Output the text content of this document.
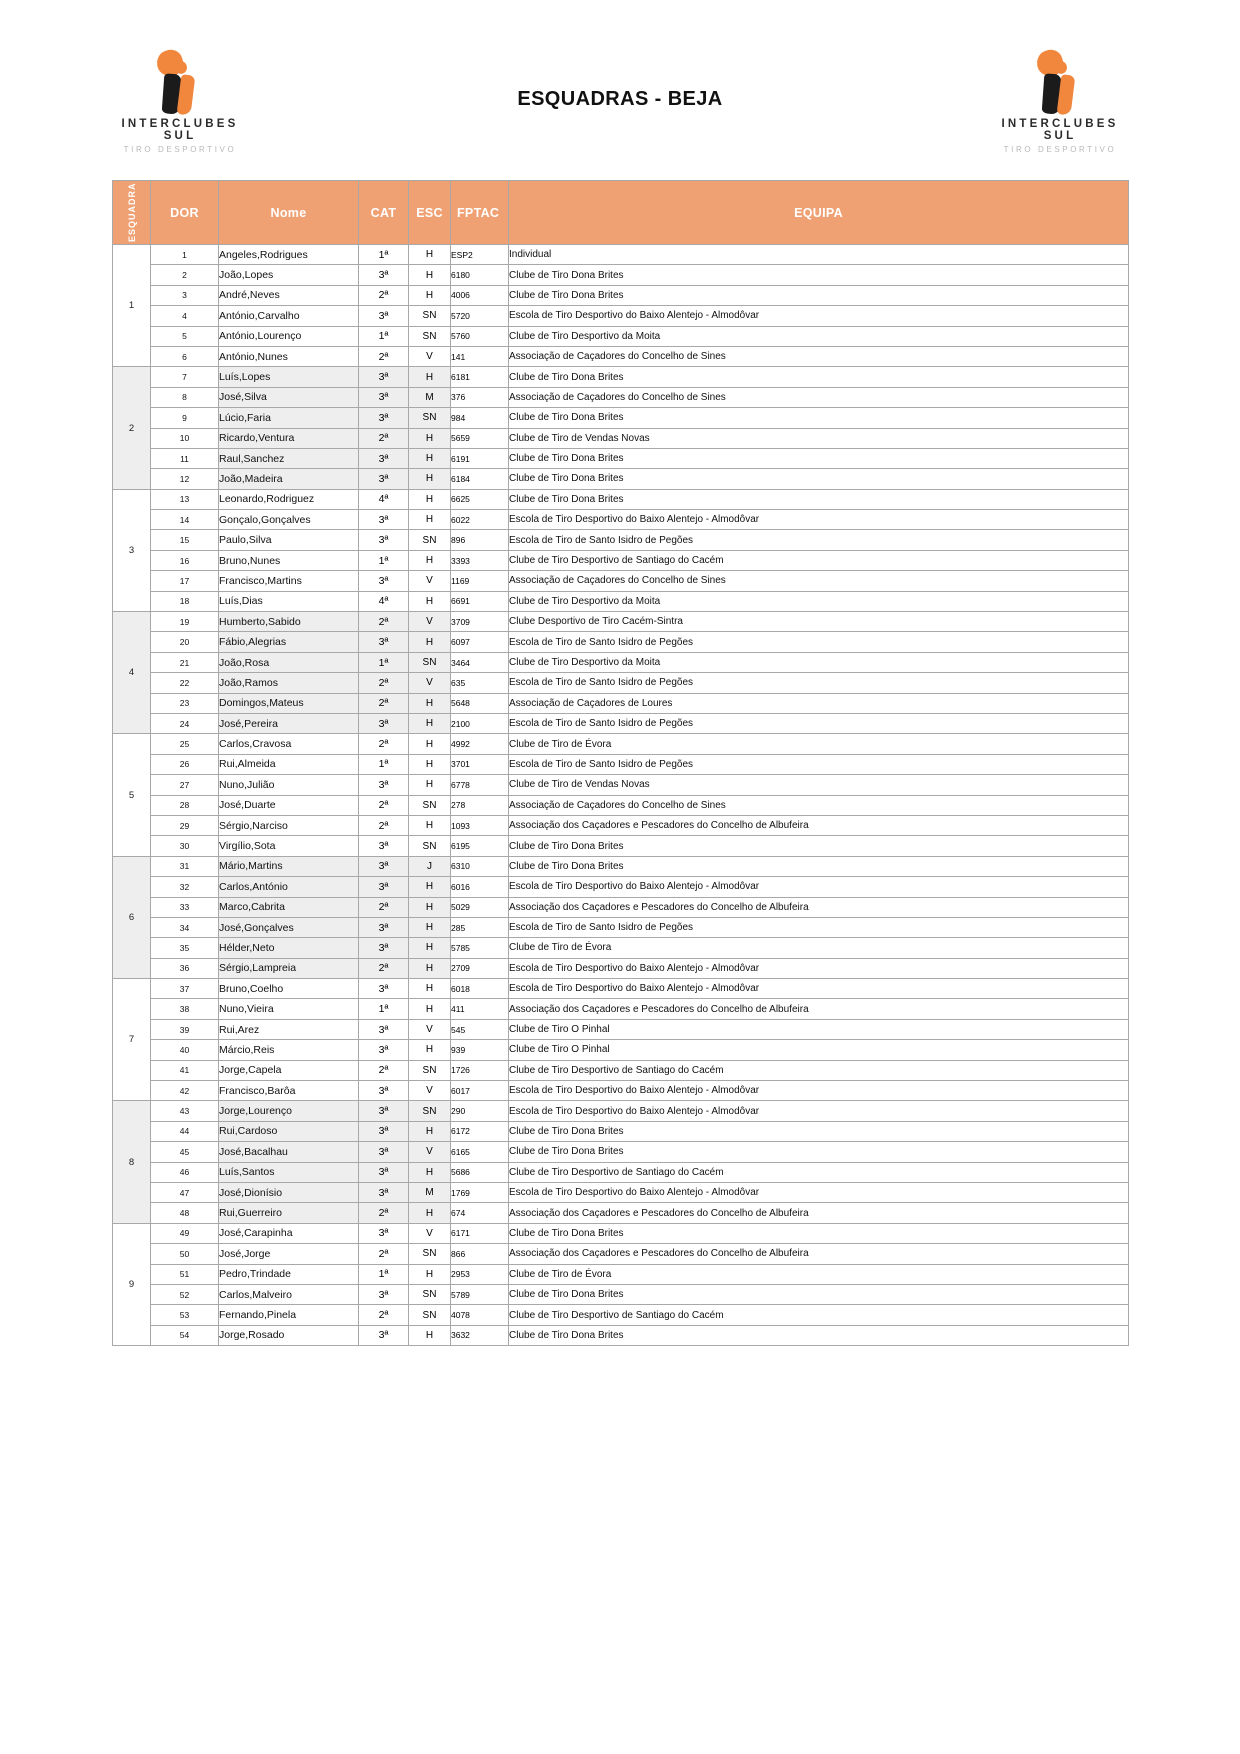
INTERCLUBES SUL
TIRO DESPORTIVO
ESQUADRAS - BEJA
INTERCLUBES SUL
TIRO DESPORTIVO
ESQUADRA	DOR	Nome	CAT	ESC	FPTAC	EQUIPA
1	1	Angeles,Rodrigues	1ª	H	ESP2	Individual
	2	João,Lopes	3ª	H	6180	Clube de Tiro Dona Brites
	3	André,Neves	2ª	H	4006	Clube de Tiro Dona Brites
	4	António,Carvalho	3ª	SN	5720	Escola de Tiro Desportivo do Baixo Alentejo - Almodôvar
	5	António,Lourenço	1ª	SN	5760	Clube de Tiro Desportivo da Moita
	6	António,Nunes	2ª	V	141	Associação de Caçadores do Concelho de Sines
2	7	Luís,Lopes	3ª	H	6181	Clube de Tiro Dona Brites
	8	José,Silva	3ª	M	376	Associação de Caçadores do Concelho de Sines
	9	Lúcio,Faria	3ª	SN	984	Clube de Tiro Dona Brites
	10	Ricardo,Ventura	2ª	H	5659	Clube de Tiro de Vendas Novas
	11	Raul,Sanchez	3ª	H	6191	Clube de Tiro Dona Brites
	12	João,Madeira	3ª	H	6184	Clube de Tiro Dona Brites
3	13	Leonardo,Rodriguez	4ª	H	6625	Clube de Tiro Dona Brites
	14	Gonçalo,Gonçalves	3ª	H	6022	Escola de Tiro Desportivo do Baixo Alentejo - Almodôvar
	15	Paulo,Silva	3ª	SN	896	Escola de Tiro de Santo Isidro de Pegões
	16	Bruno,Nunes	1ª	H	3393	Clube de Tiro Desportivo de Santiago do Cacém
	17	Francisco,Martins	3ª	V	1169	Associação de Caçadores do Concelho de Sines
	18	Luís,Dias	4ª	H	6691	Clube de Tiro Desportivo da Moita
4	19	Humberto,Sabido	2ª	V	3709	Clube Desportivo de Tiro Cacém-Sintra
	20	Fábio,Alegrias	3ª	H	6097	Escola de Tiro de Santo Isidro de Pegões
	21	João,Rosa	1ª	SN	3464	Clube de Tiro Desportivo da Moita
	22	João,Ramos	2ª	V	635	Escola de Tiro de Santo Isidro de Pegões
	23	Domingos,Mateus	2ª	H	5648	Associação de Caçadores de Loures
	24	José,Pereira	3ª	H	2100	Escola de Tiro de Santo Isidro de Pegões
5	25	Carlos,Cravosa	2ª	H	4992	Clube de Tiro de Évora
	26	Rui,Almeida	1ª	H	3701	Escola de Tiro de Santo Isidro de Pegões
	27	Nuno,Julião	3ª	H	6778	Clube de Tiro de Vendas Novas
	28	José,Duarte	2ª	SN	278	Associação de Caçadores do Concelho de Sines
	29	Sérgio,Narciso	2ª	H	1093	Associação dos Caçadores e Pescadores do Concelho de Albufeira
	30	Virgílio,Sota	3ª	SN	6195	Clube de Tiro Dona Brites
6	31	Mário,Martins	3ª	J	6310	Clube de Tiro Dona Brites
	32	Carlos,António	3ª	H	6016	Escola de Tiro Desportivo do Baixo Alentejo - Almodôvar
	33	Marco,Cabrita	2ª	H	5029	Associação dos Caçadores e Pescadores do Concelho de Albufeira
	34	José,Gonçalves	3ª	H	285	Escola de Tiro de Santo Isidro de Pegões
	35	Hélder,Neto	3ª	H	5785	Clube de Tiro de Évora
	36	Sérgio,Lampreia	2ª	H	2709	Escola de Tiro Desportivo do Baixo Alentejo - Almodôvar
7	37	Bruno,Coelho	3ª	H	6018	Escola de Tiro Desportivo do Baixo Alentejo - Almodôvar
	38	Nuno,Vieira	1ª	H	411	Associação dos Caçadores e Pescadores do Concelho de Albufeira
	39	Rui,Arez	3ª	V	545	Clube de Tiro O Pinhal
	40	Márcio,Reis	3ª	H	939	Clube de Tiro O Pinhal
	41	Jorge,Capela	2ª	SN	1726	Clube de Tiro Desportivo de Santiago do Cacém
	42	Francisco,Barôa	3ª	V	6017	Escola de Tiro Desportivo do Baixo Alentejo - Almodôvar
8	43	Jorge,Lourenço	3ª	SN	290	Escola de Tiro Desportivo do Baixo Alentejo - Almodôvar
	44	Rui,Cardoso	3ª	H	6172	Clube de Tiro Dona Brites
	45	José,Bacalhau	3ª	V	6165	Clube de Tiro Dona Brites
	46	Luís,Santos	3ª	H	5686	Clube de Tiro Desportivo de Santiago do Cacém
	47	José,Dionísio	3ª	M	1769	Escola de Tiro Desportivo do Baixo Alentejo - Almodôvar
	48	Rui,Guerreiro	2ª	H	674	Associação dos Caçadores e Pescadores do Concelho de Albufeira
9	49	José,Carapinha	3ª	V	6171	Clube de Tiro Dona Brites
	50	José,Jorge	2ª	SN	866	Associação dos Caçadores e Pescadores do Concelho de Albufeira
	51	Pedro,Trindade	1ª	H	2953	Clube de Tiro de Évora
	52	Carlos,Malveiro	3ª	SN	5789	Clube de Tiro Dona Brites
	53	Fernando,Pinela	2ª	SN	4078	Clube de Tiro Desportivo de Santiago do Cacém
	54	Jorge,Rosado	3ª	H	3632	Clube de Tiro Dona Brites
